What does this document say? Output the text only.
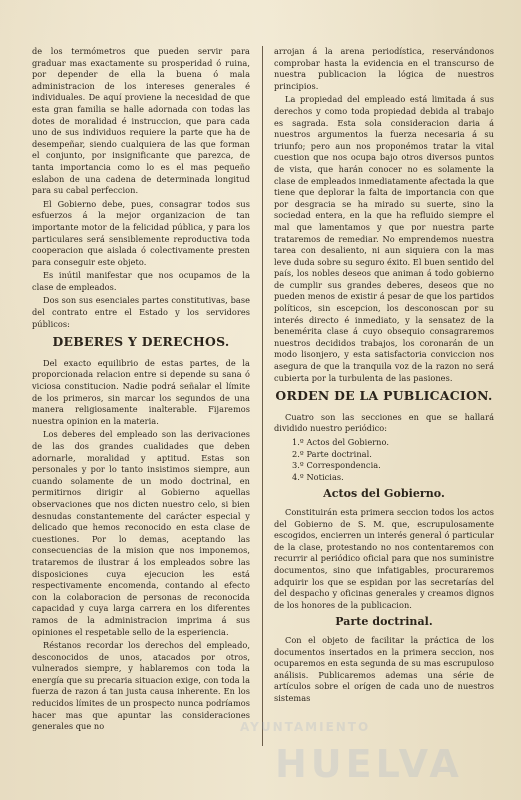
de los termómetros que pueden servir para graduar mas exactamente su prosperidad ó ruina, por depender de ella la buena ó mala administracion de los intereses generales é individuales. De aquí proviene la necesidad de que esta gran familia se halle adornada con todas las dotes de moralidad é instruccion, que para cada uno de sus individuos requiere la parte que ha de desempeñar, siendo cualquiera de las que forman el conjunto, por insignificante que parezca, de tanta importancia como lo es el mas pequeño eslabon de una cadena de determinada longitud para su cabal perfeccion.

El Gobierno debe, pues, consagrar todos sus esfuerzos á la mejor organizacion de tan importante motor de la felicidad pública, y para los particulares será sensiblemente reproductiva toda cooperacion que aislada ó colectivamente presten para conseguir este objeto.

Es inútil manifestar que nos ocupamos de la clase de empleados.

Dos son sus esenciales partes constitutivas, base del contrato entre el Estado y los servidores públicos:

DEBERES Y DERECHOS.

Del exacto equilibrio de estas partes, de la proporcionada relacion entre si depende su sana ó viciosa constitucion. Nadie podrá señalar el límite de los primeros, sin marcar los segundos de una manera religiosamente inalterable. Fijaremos nuestra opinion en la materia.

Los deberes del empleado son las derivaciones de las dos grandes cualidades que deben adornarle, moralidad y aptitud. Estas son personales y por lo tanto insistimos siempre, aun cuando solamente de un modo doctrinal, en permitirnos dirigir al Gobierno aquellas observaciones que nos dicten nuestro celo, si bien desnudas constantemente del carácter especial y delicado que hemos reconocido en esta clase de cuestiones. Por lo demas, aceptando las consecuencias de la mision que nos imponemos, trataremos de ilustrar á los empleados sobre las disposiciones cuya ejecucion les está respectivamente encomenda, contando al efecto con la colaboracion de personas de reconocida capacidad y cuya larga carrera en los diferentes ramos de la administracion imprima á sus opiniones el respetable sello de la esperiencia.

Réstanos recordar los derechos del empleado, desconocidos de unos, atacados por otros, vulnerados siempre, y hablaremos con toda la energía que su precaria situacion exige, con toda la fuerza de razon á tan justa causa inherente. En los reducidos límites de un prospecto nunca podríamos hacer mas que apuntar las consideraciones generales que no

arrojan á la arena periodística, reservándonos comprobar hasta la evidencia en el transcurso de nuestra publicacion la lógica de nuestros principios.

La propiedad del empleado está limitada á sus derechos y como toda propiedad debida al trabajo es sagrada. Esta sola consideracion daria á nuestros argumentos la fuerza necesaria á su triunfo; pero aun nos proponémos tratar la vital cuestion que nos ocupa bajo otros diversos puntos de vista, que harán conocer no es solamente la clase de empleados inmediatamente afectada la que tiene que deplorar la falta de importancia con que por desgracia se ha mirado su suerte, sino la sociedad entera, en la que ha refluido siempre el mal que lamentamos y que por nuestra parte trataremos de remediar. No emprendemos nuestra tarea con desaliento, ni aun siquiera con la mas leve duda sobre su seguro éxito. El buen sentido del país, los nobles deseos que animan á todo gobierno de cumplir sus grandes deberes, deseos que no pueden menos de existir á pesar de que los partidos políticos, sin escepcion, los desconoscan por su interés directo é inmediato, y la sensatez de la benemérita clase á cuyo obsequio consagraremos nuestros decididos trabajos, los coronarán de un modo lisonjero, y esta satisfactoria conviccion nos asegura de que la tranquila voz de la razon no será cubierta por la turbulenta de las pasiones.

ORDEN DE LA PUBLICACION.

Cuatro son las secciones en que se hallará dividido nuestro periódico:

1.º Actos del Gobierno.
2.º Parte doctrinal.
3.º Correspondencia.
4.º Noticias.
Actos del Gobierno.

Constituirán esta primera seccion todos los actos del Gobierno de S. M. que, escrupulosamente escogidos, encierren un interés general ó particular de la clase, protestando no nos contentaremos con recurrir al periódico oficial para que nos suministre documentos, sino que infatigables, procuraremos adquirir los que se espidan por las secretarías del del despacho y oficinas generales y creamos dignos de los honores de la publicacion.

Parte doctrinal.

Con el objeto de facilitar la práctica de los documentos insertados en la primera seccion, nos ocuparemos en esta segunda de su mas escrupuloso análisis. Publicaremos ademas una série de artículos sobre el orígen de cada uno de nuestros sistemas

AYUNTAMIENTO
HUELVA
